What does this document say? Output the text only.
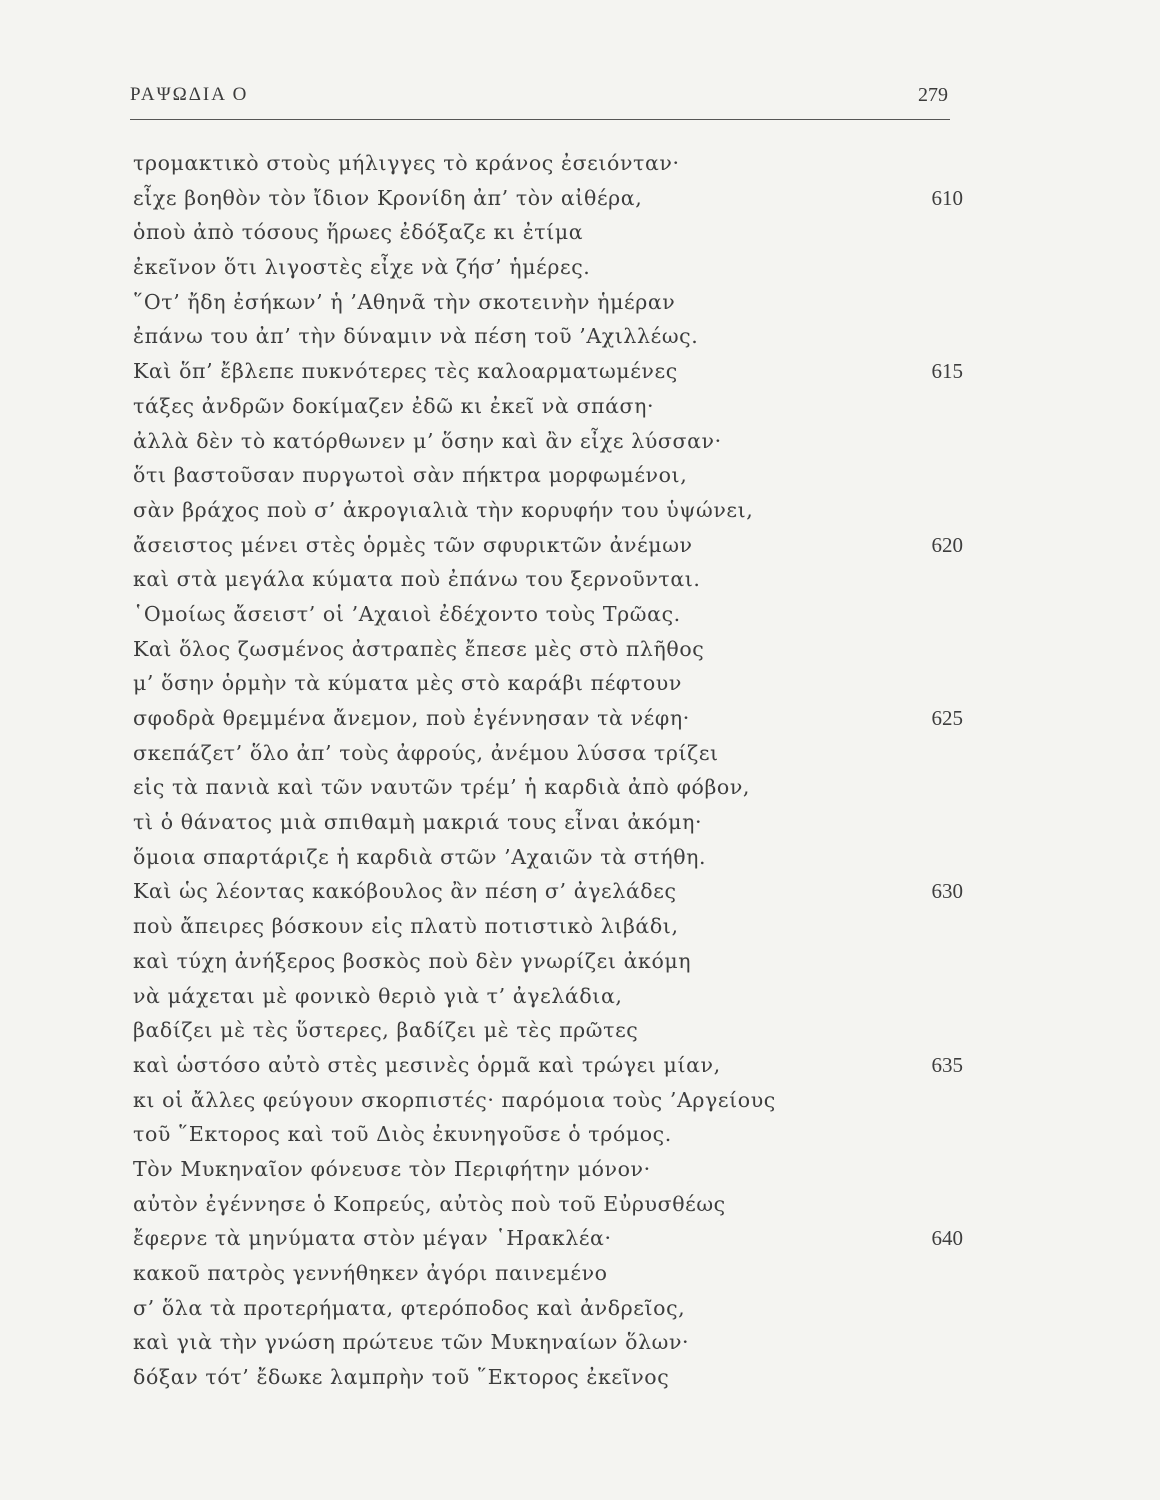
ΡΑΨΩΔΙΑ Ο	279
τρομακτικὸ στοὺς μήλιγγες τὸ κράνος ἐσειόνταν·
εἶχε βοηθὸν τὸν ἴδιον Κρονίδη ἀπ’ τὸν αἰθέρα,	610
ὁποὺ ἀπὸ τόσους ἥρωες ἐδόξαζε κι ἐτίμα
ἐκεῖνον ὅτι λιγοστὲς εἶχε νὰ ζήσ’ ἡμέρες.
῞Οτ’ ἤδη ἐσήκων’ ἡ ’Αθηνᾶ τὴν σκοτεινὴν ἡμέραν
ἐπάνω του ἀπ’ τὴν δύναμιν νὰ πέση τοῦ ’Αχιλλέως.
Καὶ ὅπ’ ἔβλεπε πυκνότερες τὲς καλοαρματωμένες	615
τάξες ἀνδρῶν δοκίμαζεν ἐδῶ κι ἐκεῖ νὰ σπάση·
ἀλλὰ δὲν τὸ κατόρθωνεν μ’ ὅσην καὶ ἂν εἶχε λύσσαν·
ὅτι βαστοῦσαν πυργωτοὶ σὰν πήκτρα μορφωμένοι,
σὰν βράχος ποὺ σ’ ἀκρογιαλιὰ τὴν κορυφήν του ὑψώνει,
ἄσειστος μένει στὲς ὁρμὲς τῶν σφυρικτῶν ἀνέμων	620
καὶ στὰ μεγάλα κύματα ποὺ ἐπάνω του ξερνοῦνται.
῾Ομοίως ἄσειστ’ οἱ ’Αχαιοὶ ἐδέχοντο τοὺς Τρῶας.
Καὶ ὅλος ζωσμένος ἀστραπὲς ἔπεσε μὲς στὸ πλῆθος
μ’ ὅσην ὁρμὴν τὰ κύματα μὲς στὸ καράβι πέφτουν
σφοδρὰ θρεμμένα ἄνεμον, ποὺ ἐγέννησαν τὰ νέφη·	625
σκεπάζετ’ ὅλο ἀπ’ τοὺς ἀφρούς, ἀνέμου λύσσα τρίζει
εἰς τὰ πανιὰ καὶ τῶν ναυτῶν τρέμ’ ἡ καρδιὰ ἀπὸ φόβον,
τὶ ὁ θάνατος μιὰ σπιθαμὴ μακριά τους εἶναι ἀκόμη·
ὅμοια σπαρτάριζε ἡ καρδιὰ στῶν ’Αχαιῶν τὰ στήθη.
Καὶ ὡς λέοντας κακόβουλος ἂν πέση σ’ ἀγελάδες	630
ποὺ ἄπειρες βόσκουν εἰς πλατὺ ποτιστικὸ λιβάδι,
καὶ τύχη ἀνήξερος βοσκὸς ποὺ δὲν γνωρίζει ἀκόμη
νὰ μάχεται μὲ φονικὸ θεριὸ γιὰ τ’ ἀγελάδια,
βαδίζει μὲ τὲς ὕστερες, βαδίζει μὲ τὲς πρῶτες
καὶ ὡστόσο αὐτὸ στὲς μεσινὲς ὁρμᾶ καὶ τρώγει μίαν,	635
κι οἱ ἄλλες φεύγουν σκορπιστές· παρόμοια τοὺς ’Αργείους
τοῦ ῞Εκτορος καὶ τοῦ Διὸς ἐκυνηγοῦσε ὁ τρόμος.
Τὸν Μυκηναῖον φόνευσε τὸν Περιφήτην μόνον·
αὐτὸν ἐγέννησε ὁ Κοπρεύς, αὐτὸς ποὺ τοῦ Εὐρυσθέως
ἔφερνε τὰ μηνύματα στὸν μέγαν ῾Ηρακλέα·	640
κακοῦ πατρὸς γεννήθηκεν ἀγόρι παινεμένο
σ’ ὅλα τὰ προτερήματα, φτερόποδος καὶ ἀνδρεῖος,
καὶ γιὰ τὴν γνώση πρώτευε τῶν Μυκηναίων ὅλων·
δόξαν τότ’ ἔδωκε λαμπρὴν τοῦ ῞Εκτορος ἐκεῖνος
